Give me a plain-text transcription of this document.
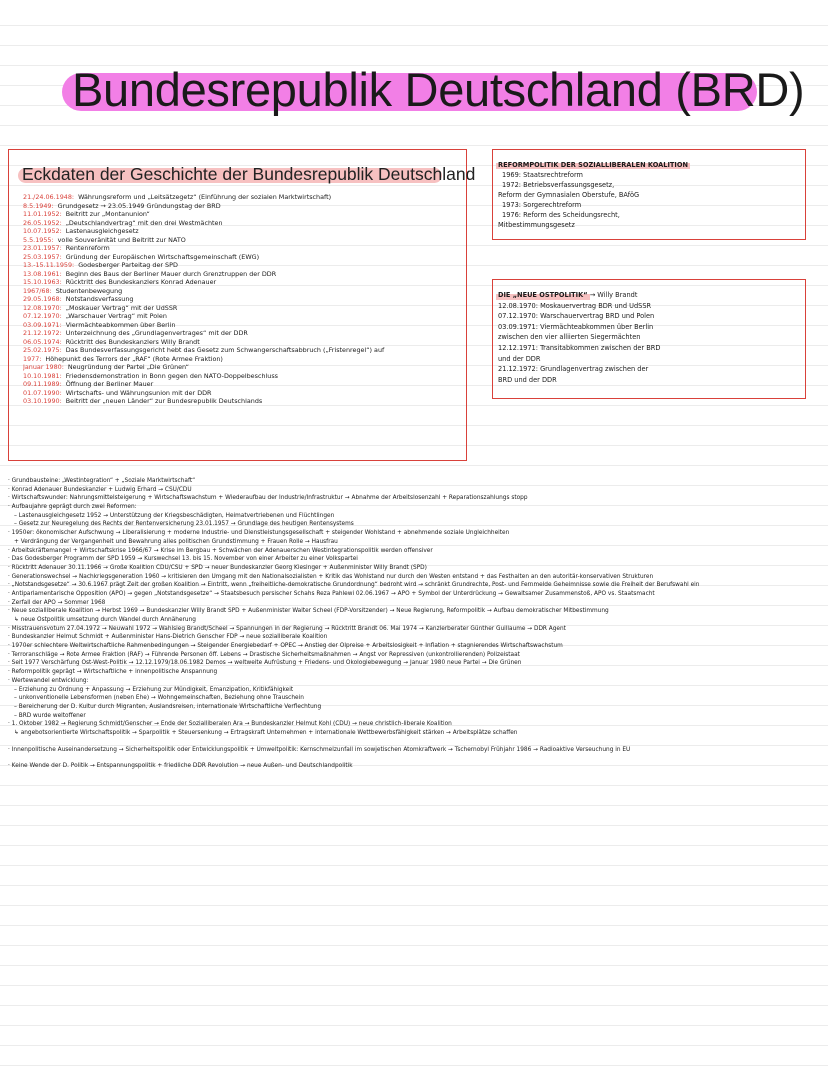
Bundesrepublik Deutschland (BRD)
Eckdaten der Geschichte der Bundesrepublik Deutschland
21./24.06.1948: Währungsreform und „Leitsätzegetz“ (Einführung der sozialen Marktwirtschaft)
8.5.1949: Grundgesetz → 23.05.1949 Gründungstag der BRD
11.01.1952: Beitritt zur „Montanunion“
26.05.1952: „Deutschlandvertrag“ mit den drei Westmächten
10.07.1952: Lastenausgleichgesetz
5.5.1955: volle Souveränität und Beitritt zur NATO
23.01.1957: Rentenreform
25.03.1957: Gründung der Europäischen Wirtschaftsgemeinschaft (EWG)
13.-15.11.1959: Godesberger Parteitag der SPD
13.08.1961: Beginn des Baus der Berliner Mauer durch Grenztruppen der DDR
15.10.1963: Rücktritt des Bundeskanzlers Konrad Adenauer
1967/68: Studentenbewegung
29.05.1968: Notstandsverfassung
12.08.1970: „Moskauer Vertrag“ mit der UdSSR
07.12.1970: „Warschauer Vertrag“ mit Polen
03.09.1971: Viermächteabkommen über Berlin
21.12.1972: Unterzeichnung des „Grundlagenvertrages“ mit der DDR
06.05.1974: Rücktritt des Bundeskanzlers Willy Brandt
25.02.1975: Das Bundesverfassungsgericht hebt das Gesetz zum Schwangerschaftsabbruch („Fristenregel“) auf
1977: Höhepunkt des Terrors der „RAF“ (Rote Armee Fraktion)
Januar 1980: Neugründung der Partei „Die Grünen“
10.10.1981: Friedensdemonstration in Bonn gegen den NATO-Doppelbeschluss
09.11.1989: Öffnung der Berliner Mauer
01.07.1990: Wirtschafts- und Währungsunion mit der DDR
03.10.1990: Beitritt der „neuen Länder“ zur Bundesrepublik Deutschlands
REFORMPOLITIK DER SOZIALLIBERALEN KOALITION
1969: Staatsrechtreform
1972: Betriebsverfassungsgesetz,
Reform der Gymnasialen Oberstufe, BAföG
1973: Sorgerechtreform
1976: Reform des Scheidungsrecht,
Mitbestimmungsgesetz
DIE „NEUE OSTPOLITIK“ → Willy Brandt
12.08.1970: Moskauervertrag BDR und UdSSR
07.12.1970: Warschauervertrag BRD und Polen
03.09.1971: Viermächteabkommen über Berlin
zwischen den vier alliierten Siegermächten
12.12.1971: Transitabkommen zwischen der BRD
und der DDR
21.12.1972: Grundlagenvertrag zwischen der
BRD und der DDR
· Grundbausteine: „Westintegration“ + „Soziale Marktwirtschaft“
· Konrad Adenauer Bundeskanzler + Ludwig Erhard → CSU/CDU
· Wirtschaftswunder: Nahrungsmittelsteigerung + Wirtschaftswachstum + Wiederaufbau der Industrie/Infrastruktur → Abnahme der Arbeitslosenzahl + Reparationszahlungs stopp
· Aufbaujahre geprägt durch zwei Reformen:
– Lastenausgleichgesetz 1952 → Unterstützung der Kriegsbeschädigten, Heimatvertriebenen und Flüchtlingen
– Gesetz zur Neuregelung des Rechts der Rentenversicherung 23.01.1957 → Grundlage des heutigen Rentensystems
· 1950er: ökonomischer Aufschwung → Liberalisierung + moderne Industrie- und Dienstleistungsgesellschaft + steigender Wohlstand + abnehmende soziale Ungleichheiten
+ Verdrängung der Vergangenheit und Bewahrung alles politischen Grundstimmung + Frauen Rolle → Hausfrau
· Arbeitskräftemangel + Wirtschaftskrise 1966/67 → Krise im Bergbau + Schwächen der Adenauerschen Westintegrationspolitik werden offensiver
· Das Godesberger Programm der SPD 1959 → Kurswechsel 13. bis 15. November von einer Arbeiter zu einer Volkspartei
· Rücktritt Adenauer 30.11.1966 → Große Koalition CDU/CSU + SPD → neuer Bundeskanzler Georg Kiesinger + Außenminister Willy Brandt (SPD)
· Generationswechsel → Nachkriegsgeneration 1960 → kritisieren den Umgang mit den Nationalsozialisten + Kritik das Wohlstand nur durch den Westen entstand + das Festhalten an den autoritär-konservativen Strukturen
· „Notstandsgesetze“ → 30.6.1967 prägt Zeit der großen Koalition → Eintritt, wenn „freiheitliche-demokratische Grundordnung“ bedroht wird → schränkt Grundrechte, Post- und Fernmelde Geheimnisse sowie die Freiheit der Berufswahl ein
· Antiparlamentarische Opposition (APO) → gegen „Notstandsgesetze“ → Staatsbesuch persischer Schahs Reza Pahlewi 02.06.1967 → APO + Symbol der Unterdrückung → Gewaltsamer Zusammenstoß, APO vs. Staatsmacht
· Zerfall der APO → Sommer 1968
· Neue sozialliberale Koalition → Herbst 1969 → Bundeskanzler Willy Brandt SPD + Außenminister Walter Scheel (FDP-Vorsitzender) → Neue Regierung, Reformpolitik → Aufbau demokratischer Mitbestimmung
↳ neue Ostpolitik umsetzung durch Wandel durch Annäherung
· Misstrauensvotum 27.04.1972 → Neuwahl 1972 → Wahlsieg Brandt/Scheel → Spannungen in der Regierung → Rücktritt Brandt 06. Mai 1974 → Kanzlerberater Günther Guillaume → DDR Agent
· Bundeskanzler Helmut Schmidt + Außenminister Hans-Dietrich Genscher FDP → neue sozialliberale Koalition
· 1970er schlechtere Weltwirtschaftliche Rahmenbedingungen → Steigender Energiebedarf + OPEC → Anstieg der Ölpreise + Arbeitslosigkeit + Inflation + stagnierendes Wirtschaftswachstum
· Terroranschläge → Rote Armee Fraktion (RAF) → Führende Personen öff. Lebens → Drastische Sicherheitsmaßnahmen → Angst vor Repressiven (unkontrollierenden) Polizeistaat
· Seit 1977 Verschärfung Ost-West-Politik → 12.12.1979/18.06.1982 Demos → weltweite Aufrüstung + Friedens- und Ökologiebewegung → Januar 1980 neue Partei → Die Grünen
· Reformpolitik geprägt → Wirtschaftliche + innenpolitische Anspannung
· Wertewandel entwicklung:
– Erziehung zu Ordnung + Anpassung → Erziehung zur Mündigkeit, Emanzipation, Kritikfähigkeit
– unkonventionelle Lebensformen (neben Ehe) → Wohngemeinschaften, Beziehung ohne Trauschein
– Bereicherung der D. Kultur durch Migranten, Auslandsreisen, internationale Wirtschaftliche Verflechtung
– BRD wurde weltoffener
· 1. Oktober 1982 → Regierung Schmidt/Genscher → Ende der Sozialliberalen Ära → Bundeskanzler Helmut Kohl (CDU) → neue christlich-liberale Koalition
↳ angebotsorientierte Wirtschaftspolitik → Sparpolitik + Steuersenkung → Ertragskraft Unternehmen + internationale Wettbewerbsfähigkeit stärken → Arbeitsplätze schaffen
· Innenpolitische Auseinandersetzung → Sicherheitspolitik oder Entwicklungspolitik + Umweltpolitik: Kernschmelzunfall im sowjetischen Atomkraftwerk → Tschernobyl Frühjahr 1986 → Radioaktive Verseuchung in EU
· Keine Wende der D. Politik → Entspannungspolitik + friedliche DDR Revolution → neue Außen- und Deutschlandpolitik
